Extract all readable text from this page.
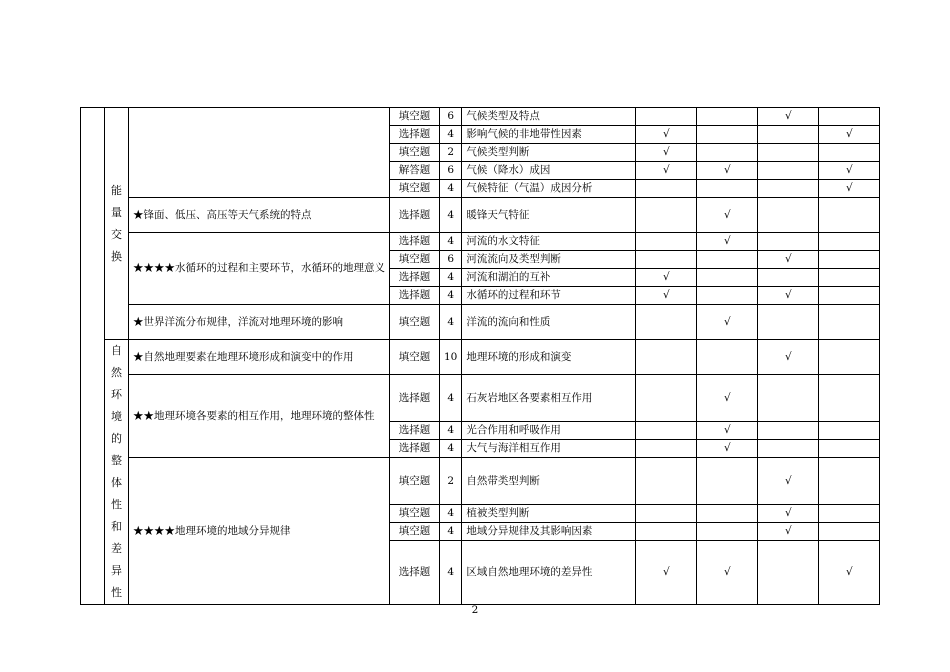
	能量交换		填空题	6	气候类型及特点			√	
			选择题	4	影响气候的非地带性因素	√			√
			填空题	2	气候类型判断	√			
			解答题	6	气候（降水）成因	√	√		√
			填空题	4	气候特征（气温）成因分析				√
		★锋面、低压、高压等天气系统的特点	选择题	4	暖锋天气特征		√		
		★★★★水循环的过程和主要环节，水循环的地理意义	选择题	4	河流的水文特征		√		
			填空题	6	河流流向及类型判断			√	
			选择题	4	河流和湖泊的互补	√			
			选择题	4	水循环的过程和环节	√		√	
		★世界洋流分布规律，洋流对地理环境的影响	填空题	4	洋流的流向和性质		√		
	自然环境的整体性和差异性	★自然地理要素在地理环境形成和演变中的作用	填空题	10	地理环境的形成和演变			√	
		★★地理环境各要素的相互作用，地理环境的整体性	选择题	4	石灰岩地区各要素相互作用		√		
			选择题	4	光合作用和呼吸作用		√		
			选择题	4	大气与海洋相互作用		√		
		★★★★地理环境的地域分异规律	填空题	2	自然带类型判断			√	
			填空题	4	植被类型判断			√	
			填空题	4	地域分异规律及其影响因素			√	
			选择题	4	区域自然地理环境的差异性	√	√		√
2
